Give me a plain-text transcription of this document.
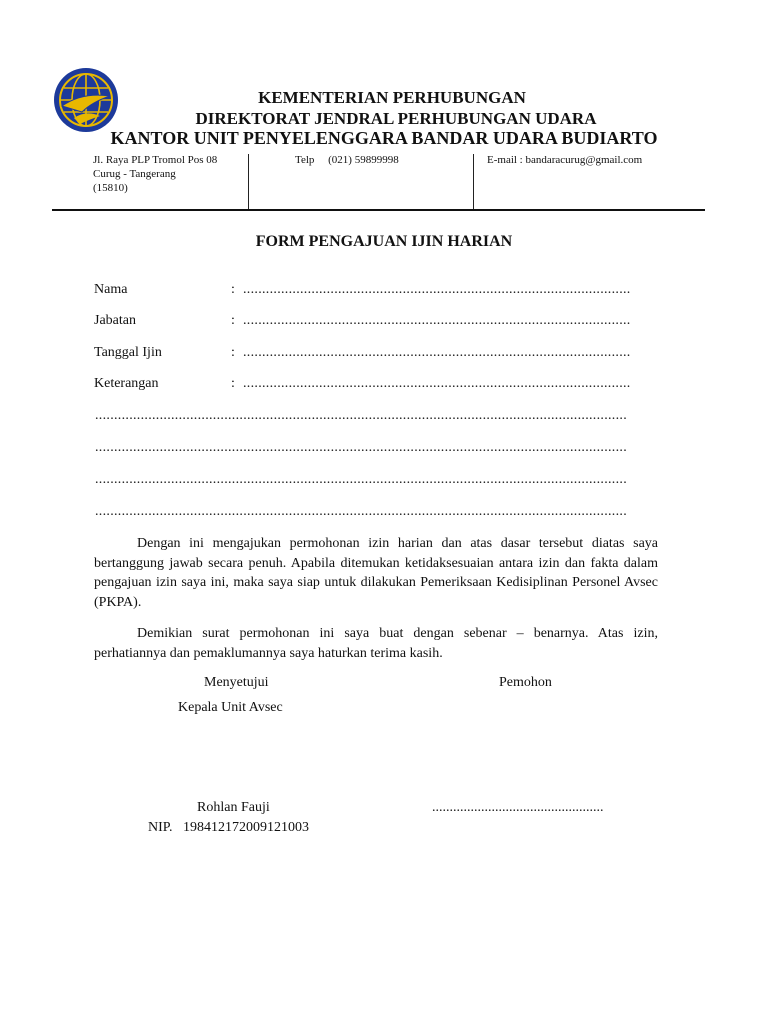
KEMENTERIAN PERHUBUNGAN
DIREKTORAT JENDRAL PERHUBUNGAN UDARA
KANTOR UNIT PENYELENGGARA BANDAR UDARA BUDIARTO
Jl. Raya PLP Tromol Pos 08
Curug - Tangerang
(15810)
Telp (021) 59899998	E-mail : bandaracurug@gmail.com
FORM PENGAJUAN IJIN HARIAN
Nama	: ......................................................................................................
Jabatan	: ......................................................................................................
Tanggal Ijin	: ......................................................................................................
Keterangan	: ......................................................................................................
............................................................................................................................................
............................................................................................................................................
............................................................................................................................................
............................................................................................................................................
Dengan ini mengajukan permohonan izin harian dan atas dasar tersebut diatas saya bertanggung jawab secara penuh. Apabila ditemukan ketidaksesuaian antara izin dan fakta dalam pengajuan izin saya ini, maka saya siap untuk dilakukan Pemeriksaan Kedisiplinan Personel Avsec (PKPA).
Demikian surat permohonan ini saya buat dengan sebenar – benarnya. Atas izin, perhatiannya dan pemaklumannya saya haturkan terima kasih.
Menyetujui	Pemohon
Kepala Unit Avsec
Rohlan Fauji	.................................................
NIP.   198412172009121003
